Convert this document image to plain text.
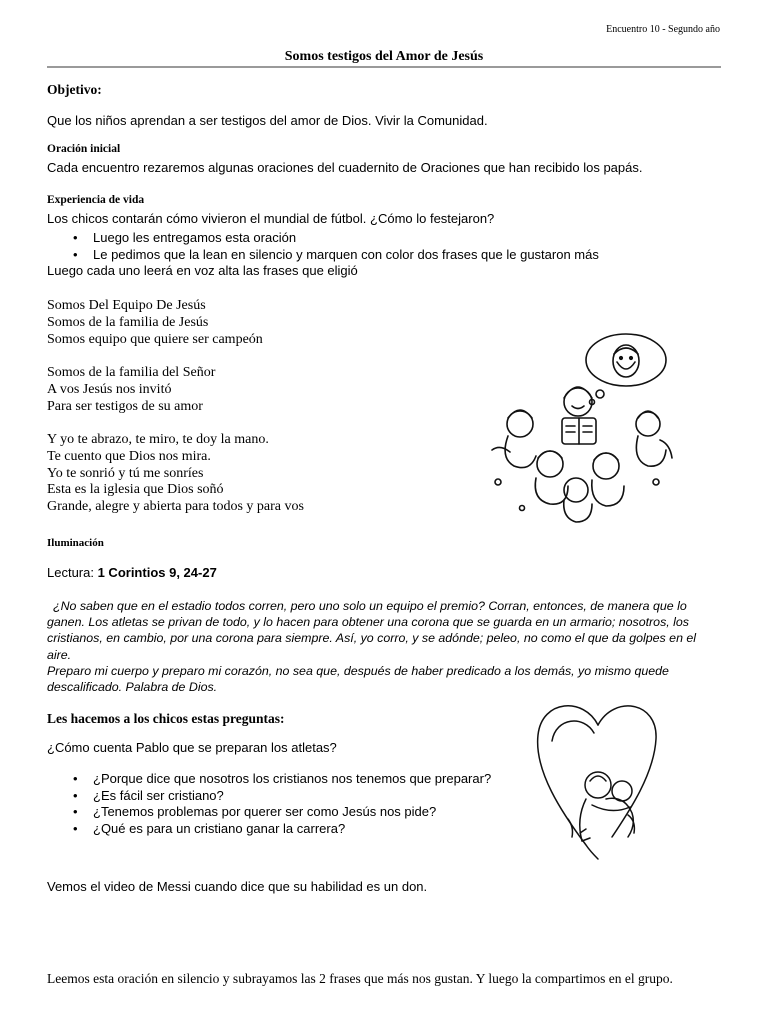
Encuentro 10 - Segundo año
Somos testigos del Amor de Jesús
Objetivo:
Que los niños aprendan a ser testigos del amor de Dios. Vivir la Comunidad.
Oración inicial
Cada encuentro rezaremos algunas oraciones del cuadernito de Oraciones que han recibido los papás.
Experiencia de vida
Los chicos contarán cómo vivieron el mundial de fútbol. ¿Cómo lo festejaron?
• Luego les entregamos esta oración
• Le pedimos que la lean en silencio y marquen con color dos frases que le gustaron más
Luego cada uno leerá en voz alta las frases que eligió
Somos Del Equipo De Jesús
Somos de la familia de Jesús
Somos equipo que quiere ser campeón
Somos de la familia del Señor
A vos Jesús nos invitó
Para ser testigos de su amor
Y yo te abrazo, te miro, te doy la mano.
Te cuento que Dios nos mira.
Yo te sonrió y tú me sonríes
Esta es la iglesia que Dios soñó
Grande, alegre y abierta para todos y para vos
Iluminación
Lectura: 1 Corintios 9, 24-27
¿No saben que en el estadio todos corren, pero uno solo un equipo el premio? Corran, entonces, de manera que lo
ganen. Los atletas se privan de todo, y lo hacen para obtener una corona que se guarda en un armario; nosotros, los
cristianos, en cambio, por una corona para siempre. Así, yo corro, y se adónde; peleo, no como el que da golpes en el
aire.
Preparo mi cuerpo y preparo mi corazón, no sea que, después de haber predicado a los demás, yo mismo quede
descalificado. Palabra de Dios.
Les hacemos a los chicos estas preguntas:
¿Cómo cuenta Pablo que se preparan los atletas?
• ¿Porque dice que nosotros los cristianos nos tenemos que preparar?
• ¿Es fácil ser cristiano?
• ¿Tenemos problemas por querer ser como Jesús nos pide?
• ¿Qué es para un cristiano ganar la carrera?
Vemos el video de Messi cuando dice que su habilidad es un don.
Leemos esta oración en silencio y subrayamos las 2 frases que más nos gustan. Y luego la compartimos en el grupo.
